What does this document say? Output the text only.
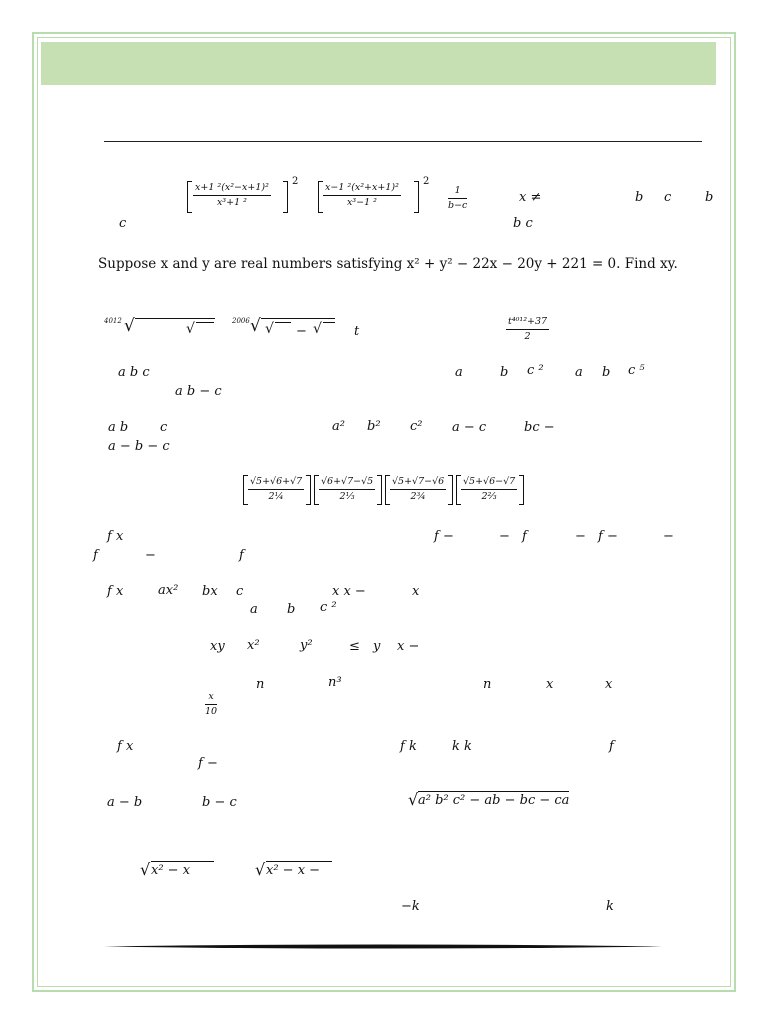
$\frac{\text{x+1 ²(x²−x+1)²}}{\text{x³+1 ²}}$
2
$\frac{\text{x−1 ²(x²+x+1)²}}{\text{x³−1 ²}}$
2
$\frac{1}{b-c}$	x ≠	b c	b
c	b c
Suppose x and y are real numbers satisfying x² + y² − 22x − 20y + 221 = 0. Find xy.
4012 √	√	2006 √ √ − √ t	$\frac{\text{t⁴⁰¹²+37}}{2}$
a b c	a	b c ² a b c ⁵
a b − c
a b c	a² b² c² a − c	bc −
a − b − c
$\frac{√5+√6+√7}{\text{2¼}} \frac{√6+√7-√5}{\text{2⅓}} \frac{√5+√7-√6}{\text{2¾}} \frac{√5+√6-√7}{\text{2⅔}}$
f x	f −	− f	− f −	−
f	−	f
f x	ax² bx c	x x −	x
a b c ²
xy x²	y²	≤ y x −
n	n³	n	x	x
$\frac{x}{10}$
f x	f k	k k	f
f −
a − b	b − c	√ a² b² c² − ab − bc − ca
√ x² − x	√ x² − x −
−k	k
